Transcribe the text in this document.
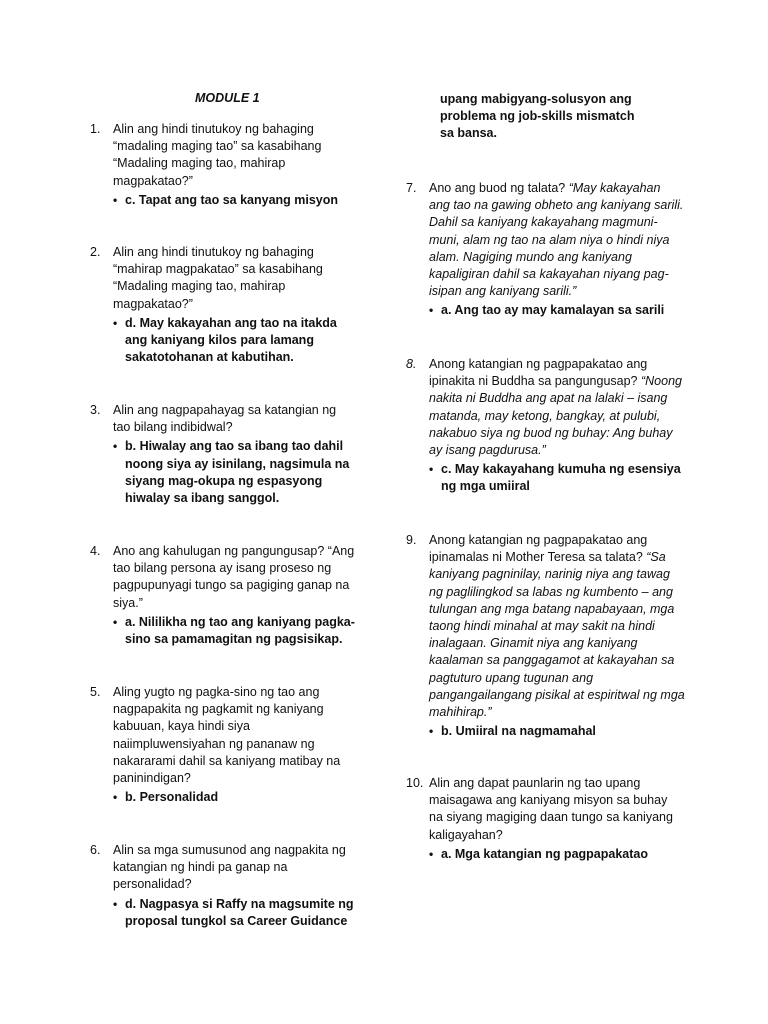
MODULE 1
1. Alin ang hindi tinutukoy ng bahaging “madaling maging tao” sa kasabihang “Madaling maging tao, mahirap magpakatao?”

• c. Tapat ang tao sa kanyang misyon
2. Alin ang hindi tinutukoy ng bahaging “mahirap magpakatao” sa kasabihang “Madaling maging tao, mahirap magpakatao?”

• d. May kakayahan ang tao na itakda ang kaniyang kilos para lamang sakatotohanan at kabutihan.
3. Alin ang nagpapahayag sa katangian ng tao bilang indibidwal?

• b. Hiwalay ang tao sa ibang tao dahil noong siya ay isinilang, nagsimula na siyang mag-okupa ng espasyong hiwalay sa ibang sanggol.
4. Ano ang kahulugan ng pangungusap? “Ang tao bilang persona ay isang proseso ng pagpupunyagi tungo sa pagiging ganap na siya.”

• a. Nililikha ng tao ang kaniyang pagka-sino sa pamamagitan ng pagsisikap.
5. Aling yugto ng pagka-sino ng tao ang nagpapakita ng pagkamit ng kaniyang kabuuan, kaya hindi siya naiimpluwensiyahan ng pananaw ng nakararami dahil sa kaniyang matibay na paninindigan?

• b. Personalidad
6. Alin sa mga sumusunod ang nagpakita ng katangian ng hindi pa ganap na personalidad?

• d. Nagpasya si Raffy na magsumite ng proposal tungkol sa Career Guidance
upang mabigyang-solusyon ang problema ng job-skills mismatch sa bansa.
7. Ano ang buod ng talata? “May kakayahan ang tao na gawing obheto ang kaniyang sarili. Dahil sa kaniyang kakayahang magmuni-muni, alam ng tao na alam niya o hindi niya alam. Nagiging mundo ang kaniyang kapaligiran dahil sa kakayahan niyang pag-isipan ang kaniyang sarili.”

• a. Ang tao ay may kamalayan sa sarili
8. Anong katangian ng pagpapakatao ang ipinakita ni Buddha sa pangungusap? “Noong nakita ni Buddha ang apat na lalaki – isang matanda, may ketong, bangkay, at pulubi, nakabuo siya ng buod ng buhay: Ang buhay ay isang pagdurusa.”

• c. May kakayahang kumuha ng esensiya ng mga umiiral
9. Anong katangian ng pagpapakatao ang ipinamalas ni Mother Teresa sa talata? “Sa kaniyang pagninilay, narinig niya ang tawag ng paglilingkod sa labas ng kumbento – ang tulungan ang mga batang napabayaan, mga taong hindi minahal at may sakit na hindi inalagaan. Ginamit niya ang kaniyang kaalaman sa panggagamot at kakayahan sa pagtuturo upang tugunan ang pangangailangang pisikal at espiritwal ng mga mahihirap.”

• b. Umiiral na nagmamahal
10. Alin ang dapat paunlarin ng tao upang maisagawa ang kaniyang misyon sa buhay na siyang magiging daan tungo sa kaniyang kaligayahan?

• a. Mga katangian ng pagpapakatao
